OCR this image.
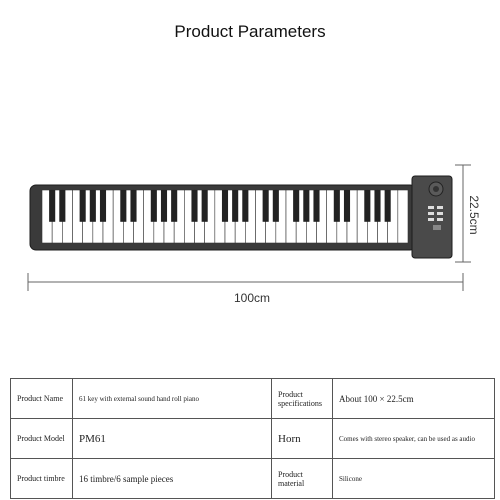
Product Parameters
100cm
22.5cm
Product Name	61 key with external sound hand roll piano	Product specifications	About 100 × 22.5cm
Product Model	PM61	Horn	Comes with stereo speaker, can be used as audio
Product timbre	16 timbre/6 sample pieces	Product material	Silicone
